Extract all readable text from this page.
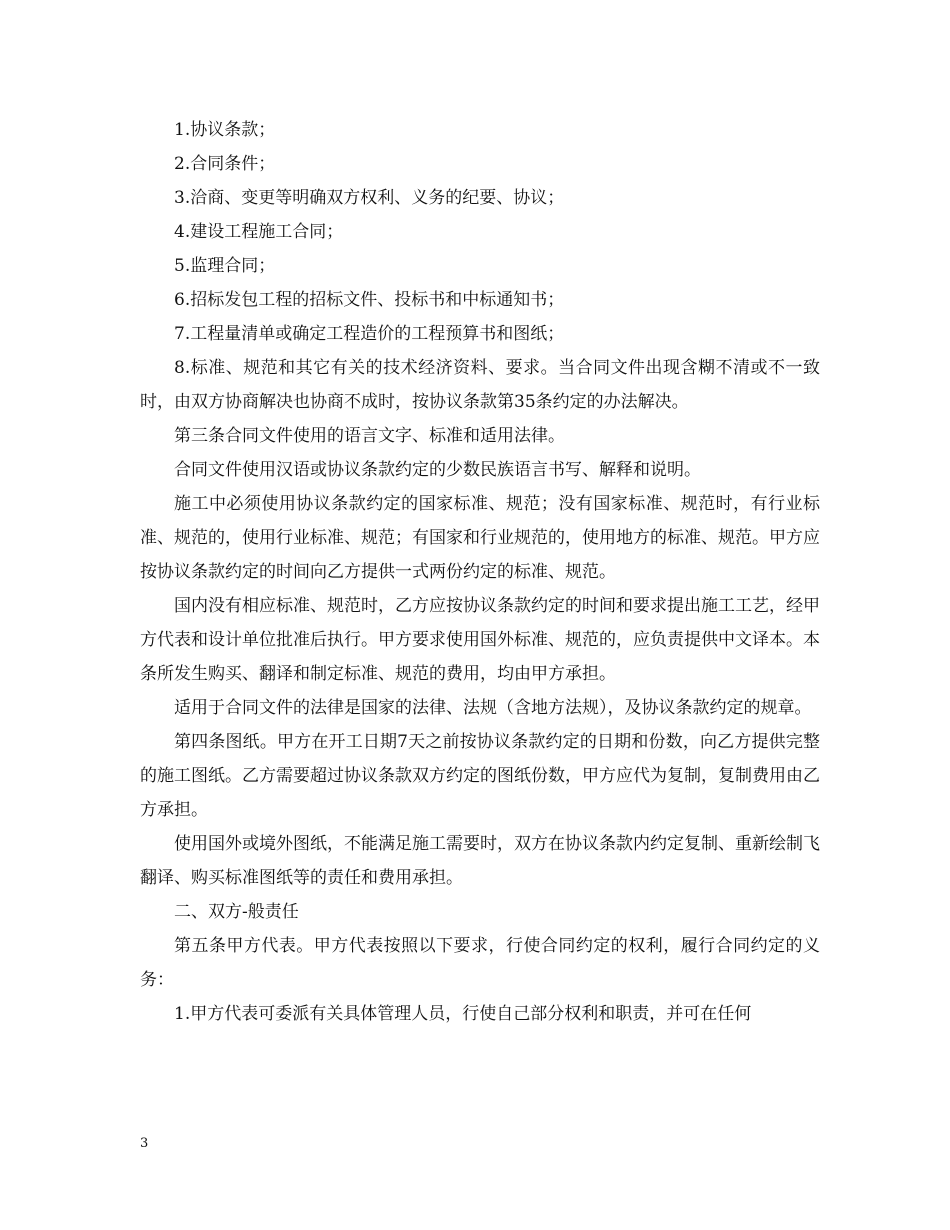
1.协议条款；

2.合同条件；

3.洽商、变更等明确双方权利、义务的纪要、协议；

4.建设工程施工合同；

5.监理合同；

6.招标发包工程的招标文件、投标书和中标通知书；

7.工程量清单或确定工程造价的工程预算书和图纸；

8.标准、规范和其它有关的技术经济资料、要求。当合同文件出现含糊不清或不一致时，由双方协商解决也协商不成时，按协议条款第35条约定的办法解决。

第三条合同文件使用的语言文字、标准和适用法律。

合同文件使用汉语或协议条款约定的少数民族语言书写、解释和说明。

施工中必须使用协议条款约定的国家标准、规范；没有国家标准、规范时，有行业标准、规范的，使用行业标准、规范；有国家和行业规范的，使用地方的标准、规范。甲方应按协议条款约定的时间向乙方提供一式两份约定的标准、规范。

国内没有相应标准、规范时，乙方应按协议条款约定的时间和要求提出施工工艺，经甲方代表和设计单位批准后执行。甲方要求使用国外标准、规范的，应负责提供中文译本。本条所发生购买、翻译和制定标准、规范的费用，均由甲方承担。

适用于合同文件的法律是国家的法律、法规（含地方法规），及协议条款约定的规章。

第四条图纸。甲方在开工日期7天之前按协议条款约定的日期和份数，向乙方提供完整的施工图纸。乙方需要超过协议条款双方约定的图纸份数，甲方应代为复制，复制费用由乙方承担。

使用国外或境外图纸，不能满足施工需要时，双方在协议条款内约定复制、重新绘制飞翻译、购买标准图纸等的责任和费用承担。

二、双方-般责任

第五条甲方代表。甲方代表按照以下要求，行使合同约定的权利，履行合同约定的义务：

1.甲方代表可委派有关具体管理人员，行使自己部分权利和职责，并可在任何

3
